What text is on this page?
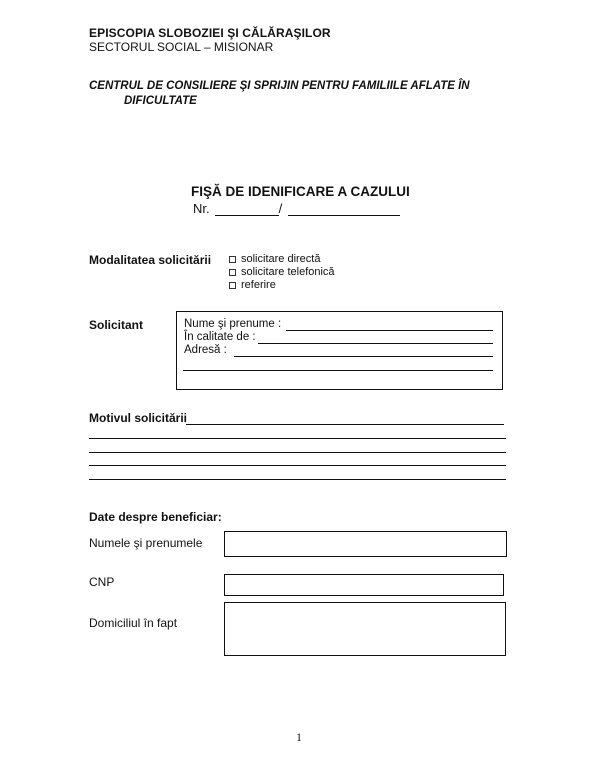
EPISCOPIA SLOBOZIEI ŞI CĂLĂRAŞILOR
SECTORUL SOCIAL – MISIONAR
CENTRUL DE CONSILIERE ŞI SPRIJIN PENTRU FAMILIILE AFLATE ÎN
DIFICULTATE
FIŞĂ DE IDENIFICARE A CAZULUI
Nr.	/
Modalitatea solicitării	solicitare directă
solicitare telefonică
referire
Solicitant	Nume şi prenume :
În calitate de :
Adresă :
Motivul solicitării
Date despre beneficiar:
Numele şi prenumele
CNP
Domiciliul în fapt
1
